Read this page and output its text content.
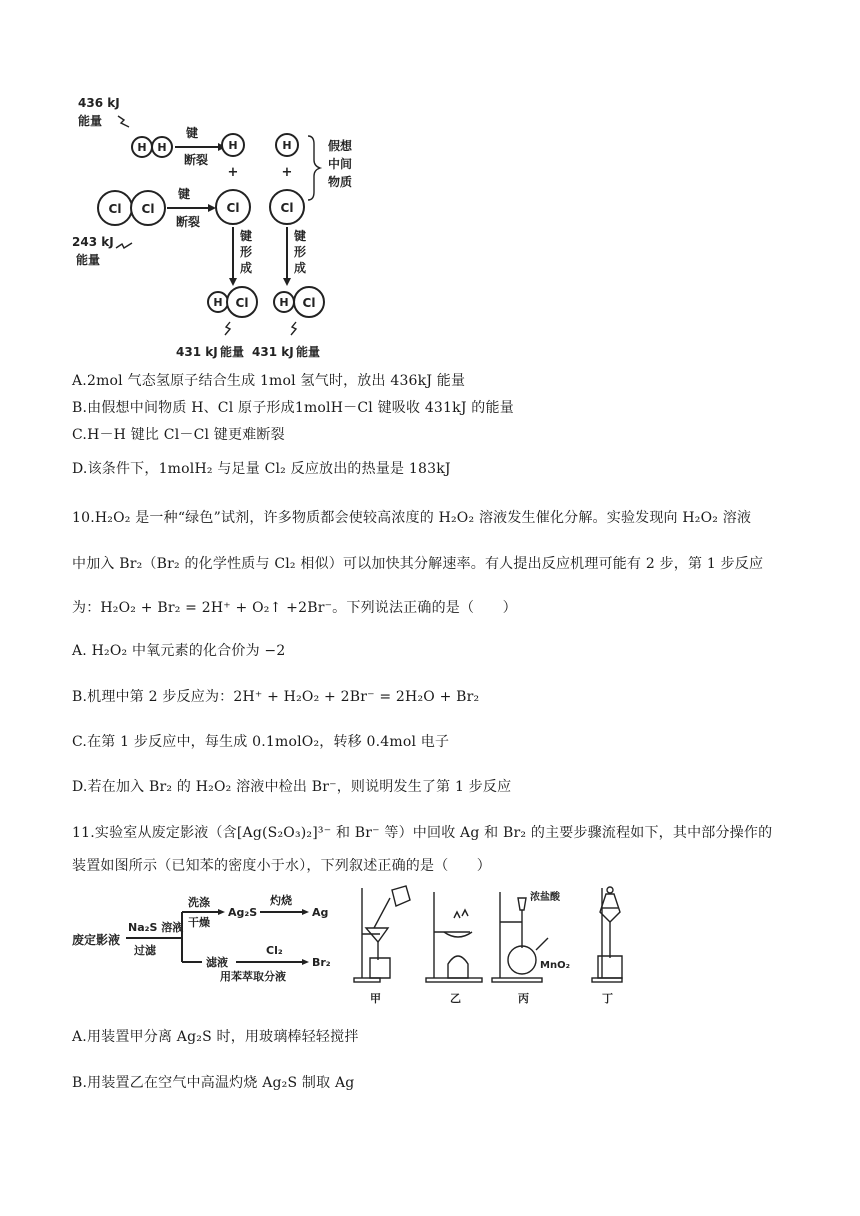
436 kJ
能量
H H
键
断裂
H
+
H
+
假 想
中 间
物 质
Cl Cl
键
断裂
Cl	Cl
243 kJ
能量
键
形
成
键
形
成
H Cl	H Cl
431 kJ 能量 431 kJ 能量
A.2mol 气态氢原子结合生成 1mol 氢气时，放出 436kJ 能量
B.由假想中间物质 H、Cl 原子形成1molH－Cl 键吸收 431kJ 的能量
C.H－H 键比 Cl－Cl 键更难断裂
D.该条件下，1molH₂ 与足量 Cl₂ 反应放出的热量是 183kJ
10.H₂O₂ 是一种“绿色”试剂，许多物质都会使较高浓度的 H₂O₂ 溶液发生催化分解。实验发现向 H₂O₂ 溶液
中加入 Br₂（Br₂ 的化学性质与 Cl₂ 相似）可以加快其分解速率。有人提出反应机理可能有 2 步，第 1 步反应
为：H₂O₂ + Br₂ = 2H⁺ + O₂↑ +2Br⁻。下列说法正确的是（　　）
A. H₂O₂ 中氧元素的化合价为 −2
B.机理中第 2 步反应为：2H⁺ + H₂O₂ + 2Br⁻ = 2H₂O + Br₂
C.在第 1 步反应中，每生成 0.1molO₂，转移 0.4mol 电子
D.若在加入 Br₂ 的 H₂O₂ 溶液中检出 Br⁻，则说明发生了第 1 步反应
11.实验室从废定影液（含[Ag(S₂O₃)₂]³⁻ 和 Br⁻ 等）中回收 Ag 和 Br₂ 的主要步骤流程如下，其中部分操作的
装置如图所示（已知苯的密度小于水），下列叙述正确的是（　　）
废定影液
Na₂S 溶液
过滤
洗涤
干燥
Ag₂S
灼烧
Ag
滤液
Cl₂
用苯萃取分液
Br₂
甲	乙
浓盐酸
MnO₂
丙	丁
A.用装置甲分离 Ag₂S 时，用玻璃棒轻轻搅拌
B.用装置乙在空气中高温灼烧 Ag₂S 制取 Ag
